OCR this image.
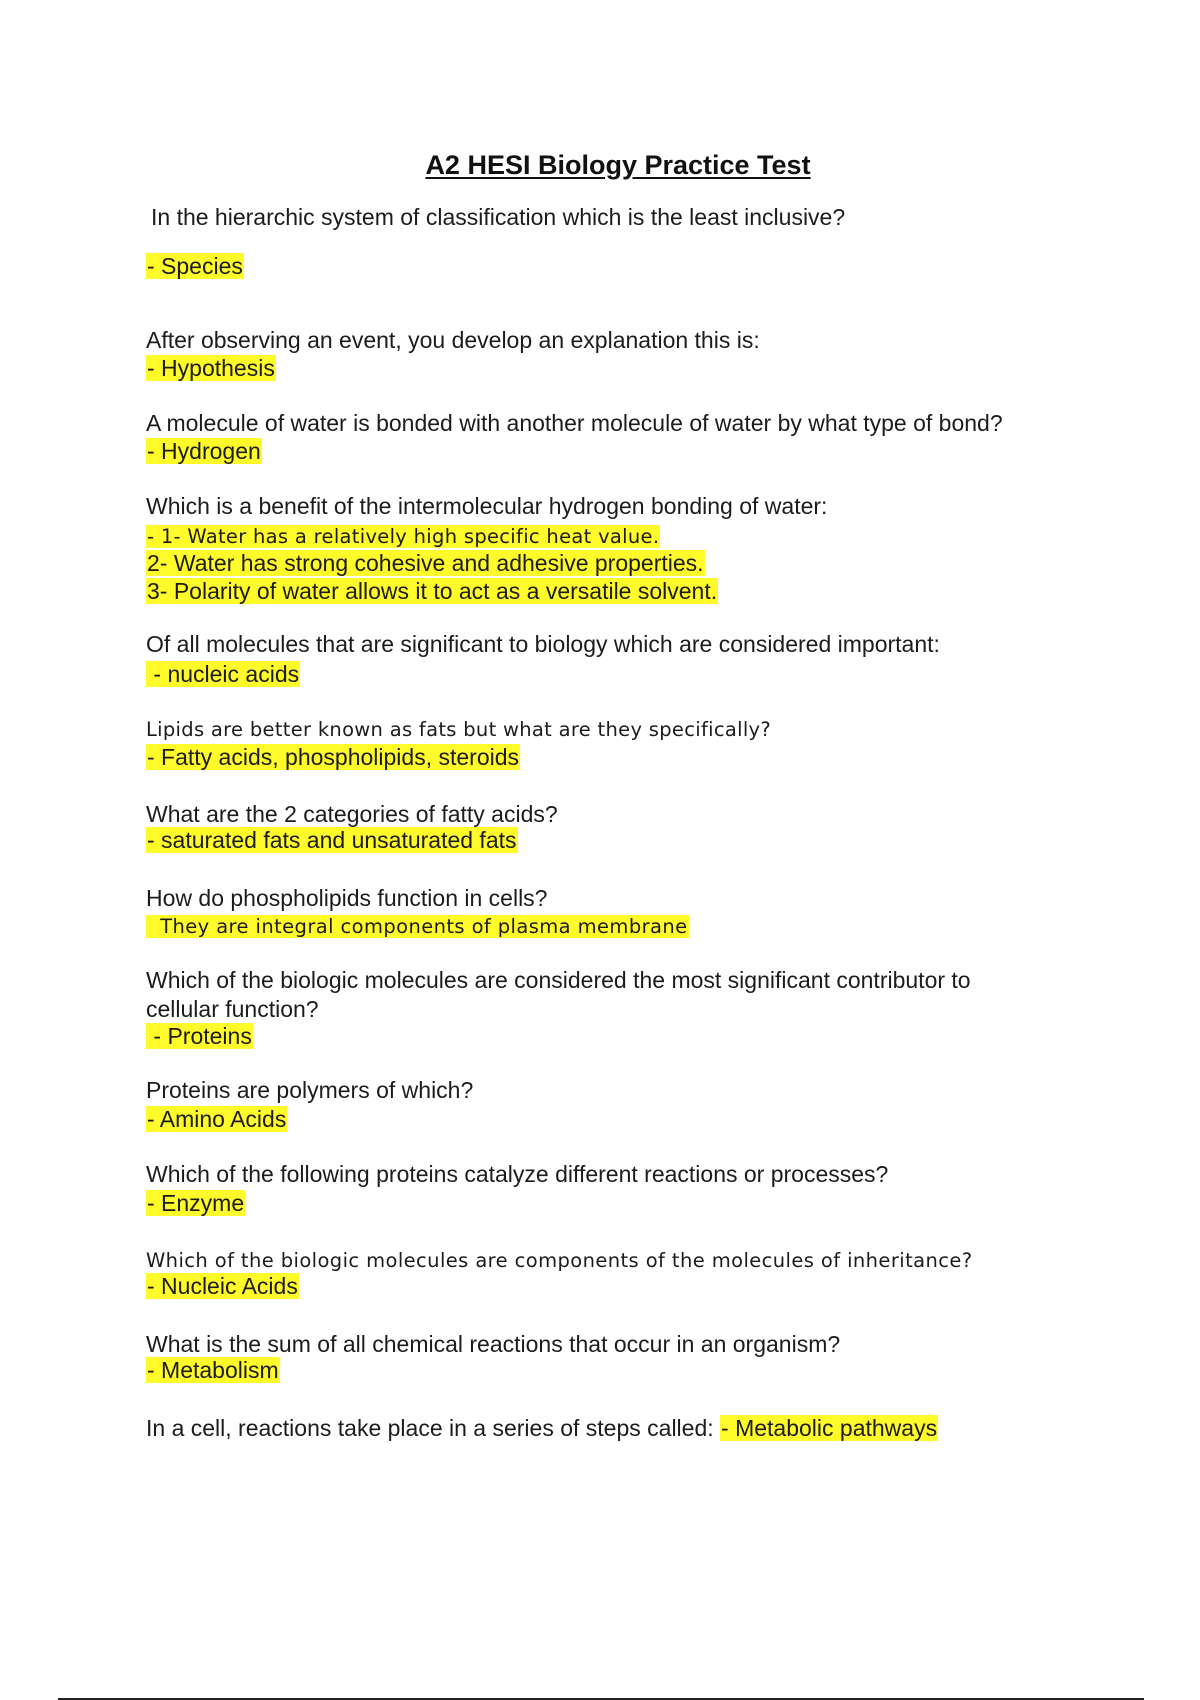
A2 HESI Biology Practice Test
In the hierarchic system of classification which is the least inclusive?
- Species
After observing an event, you develop an explanation this is:
- Hypothesis
A molecule of water is bonded with another molecule of water by what type of bond?
- Hydrogen
Which is a benefit of the intermolecular hydrogen bonding of water:
- 1- Water has a relatively high specific heat value.
2- Water has strong cohesive and adhesive properties.
3- Polarity of water allows it to act as a versatile solvent.
Of all molecules that are significant to biology which are considered important:
- nucleic acids
Lipids are better known as fats but what are they specifically?
- Fatty acids, phospholipids, steroids
What are the 2 categories of fatty acids?
- saturated fats and unsaturated fats
How do phospholipids function in cells?
They are integral components of plasma membrane
Which of the biologic molecules are considered the most significant contributor to
cellular function?
- Proteins
Proteins are polymers of which?
- Amino Acids
Which of the following proteins catalyze different reactions or processes?
- Enzyme
Which of the biologic molecules are components of the molecules of inheritance?
- Nucleic Acids
What is the sum of all chemical reactions that occur in an organism?
- Metabolism
In a cell, reactions take place in a series of steps called: - Metabolic pathways
